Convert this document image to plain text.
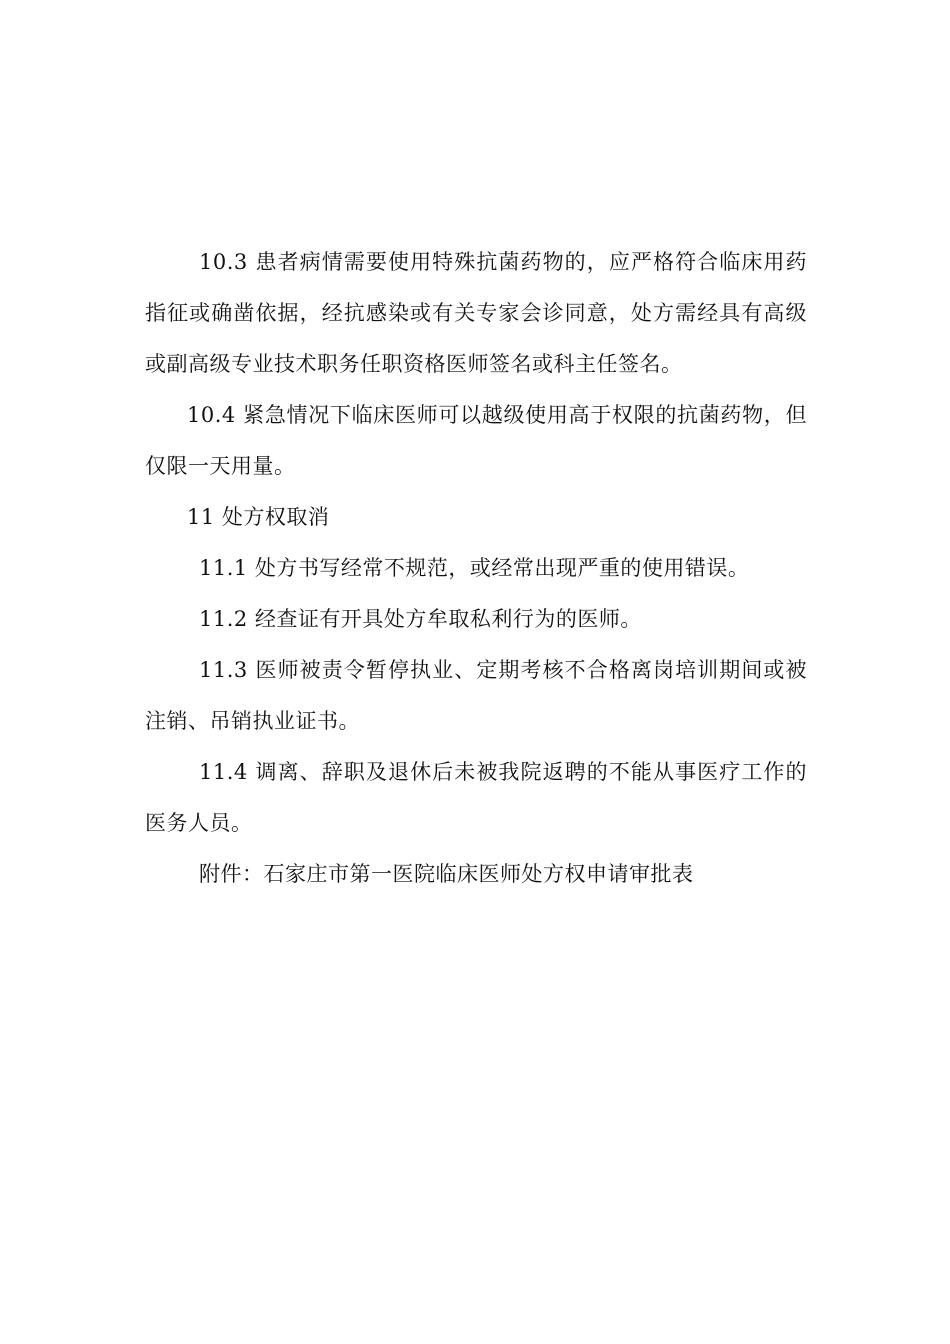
10.3 患者病情需要使用特殊抗菌药物的，应严格符合临床用药指征或确凿依据，经抗感染或有关专家会诊同意，处方需经具有高级或副高级专业技术职务任职资格医师签名或科主任签名。

10.4 紧急情况下临床医师可以越级使用高于权限的抗菌药物，但仅限一天用量。

11 处方权取消

11.1 处方书写经常不规范，或经常出现严重的使用错误。

11.2 经查证有开具处方牟取私利行为的医师。

11.3 医师被责令暂停执业、定期考核不合格离岗培训期间或被注销、吊销执业证书。

11.4 调离、辞职及退休后未被我院返聘的不能从事医疗工作的医务人员。

附件：石家庄市第一医院临床医师处方权申请审批表
